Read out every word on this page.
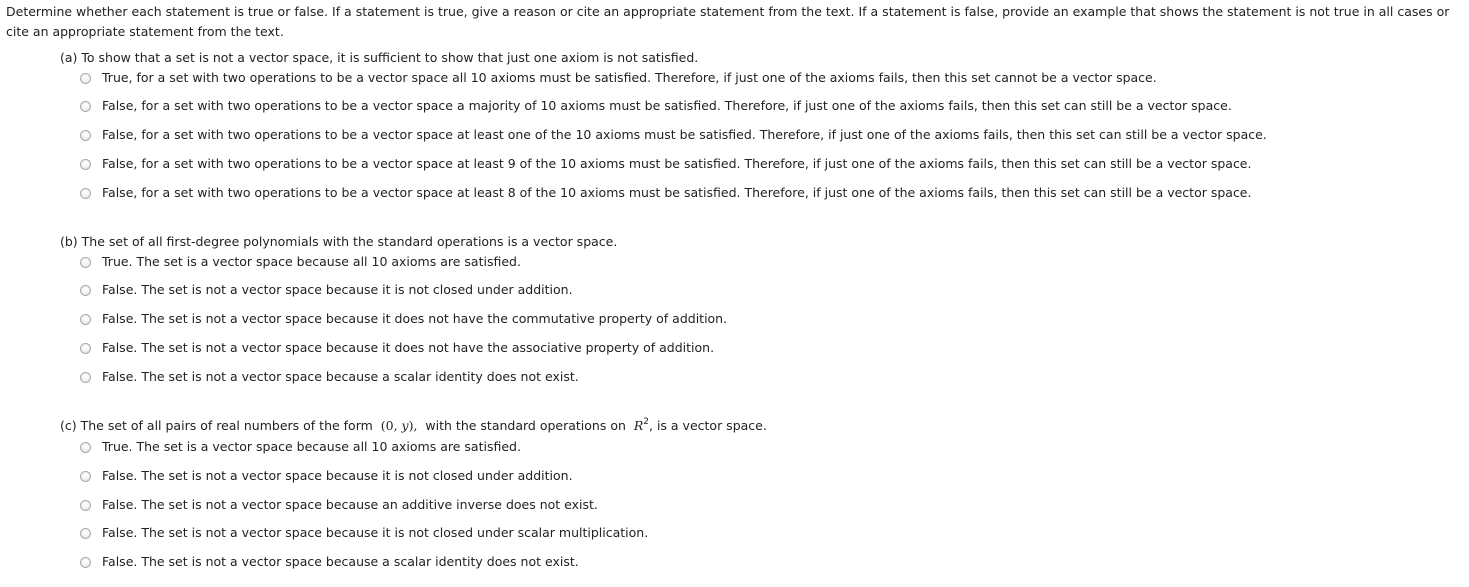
Determine whether each statement is true or false. If a statement is true, give a reason or cite an appropriate statement from the text. If a statement is false, provide an example that shows the statement is not true in all cases or cite an appropriate statement from the text.

(a) To show that a set is not a vector space, it is sufficient to show that just one axiom is not satisfied.
True, for a set with two operations to be a vector space all 10 axioms must be satisfied. Therefore, if just one of the axioms fails, then this set cannot be a vector space.
False, for a set with two operations to be a vector space a majority of 10 axioms must be satisfied. Therefore, if just one of the axioms fails, then this set can still be a vector space.
False, for a set with two operations to be a vector space at least one of the 10 axioms must be satisfied. Therefore, if just one of the axioms fails, then this set can still be a vector space.
False, for a set with two operations to be a vector space at least 9 of the 10 axioms must be satisfied. Therefore, if just one of the axioms fails, then this set can still be a vector space.
False, for a set with two operations to be a vector space at least 8 of the 10 axioms must be satisfied. Therefore, if just one of the axioms fails, then this set can still be a vector space.
(b) The set of all first-degree polynomials with the standard operations is a vector space.
True. The set is a vector space because all 10 axioms are satisfied.
False. The set is not a vector space because it is not closed under addition.
False. The set is not a vector space because it does not have the commutative property of addition.
False. The set is not a vector space because it does not have the associative property of addition.
False. The set is not a vector space because a scalar identity does not exist.
(c) The set of all pairs of real numbers of the form (0, y), with the standard operations on $R^2$, is a vector space.
True. The set is a vector space because all 10 axioms are satisfied.
False. The set is not a vector space because it is not closed under addition.
False. The set is not a vector space because an additive inverse does not exist.
False. The set is not a vector space because it is not closed under scalar multiplication.
False. The set is not a vector space because a scalar identity does not exist.
